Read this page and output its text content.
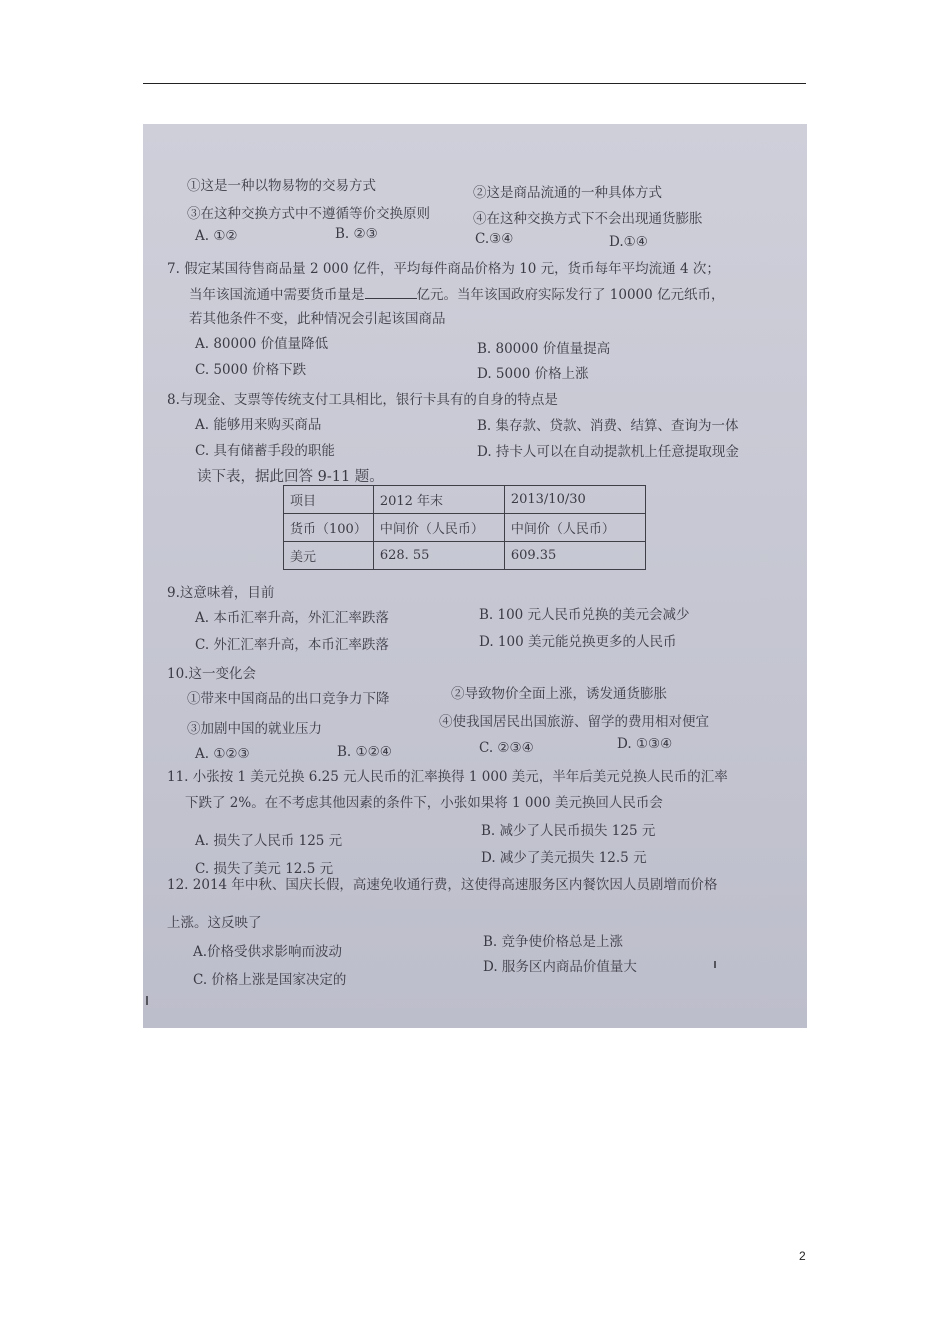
①这是一种以物易物的交易方式	②这是商品流通的一种具体方式
③在这种交换方式中不遵循等价交换原则	④在这种交换方式下不会出现通货膨胀
A. ①②	B. ②③	C.③④	D.①④
7. 假定某国待售商品量 2 000 亿件，平均每件商品价格为 10 元，货币每年平均流通 4 次；
当年该国流通中需要货币量是	亿元。当年该国政府实际发行了 10000 亿元纸币，
若其他条件不变，此种情况会引起该国商品
A. 80000 价值量降低	B. 80000 价值量提高
C. 5000 价格下跌	D. 5000 价格上涨
8.与现金、支票等传统支付工具相比，银行卡具有的自身的特点是
A. 能够用来购买商品	B. 集存款、贷款、消费、结算、查询为一体
C. 具有储蓄手段的职能	D. 持卡人可以在自动提款机上任意提取现金
读下表，据此回答 9-11 题。
项目	2012 年末	2013/10/30
货币（100）	中间价（人民币）	中间价（人民币）
美元	628. 55	609.35
9.这意味着，目前
A. 本币汇率升高，外汇汇率跌落	B. 100 元人民币兑换的美元会减少
C. 外汇汇率升高，本币汇率跌落	D. 100 美元能兑换更多的人民币
10.这一变化会
①带来中国商品的出口竞争力下降	②导致物价全面上涨，诱发通货膨胀
③加剧中国的就业压力	④使我国居民出国旅游、留学的费用相对便宜
A. ①②③	B. ①②④	C. ②③④	D. ①③④
11. 小张按 1 美元兑换 6.25 元人民币的汇率换得 1 000 美元，半年后美元兑换人民币的汇率
下跌了 2%。在不考虑其他因素的条件下，小张如果将 1 000 美元换回人民币会
A. 损失了人民币 125 元
B. 减少了人民币损失 125 元
C. 损失了美元 12.5 元
D. 减少了美元损失 12.5 元
12. 2014 年中秋、国庆长假，高速免收通行费，这使得高速服务区内餐饮因人员剧增而价格
上涨。这反映了
A.价格受供求影响而波动
B. 竞争使价格总是上涨
C. 价格上涨是国家决定的
D. 服务区内商品价值量大
2
